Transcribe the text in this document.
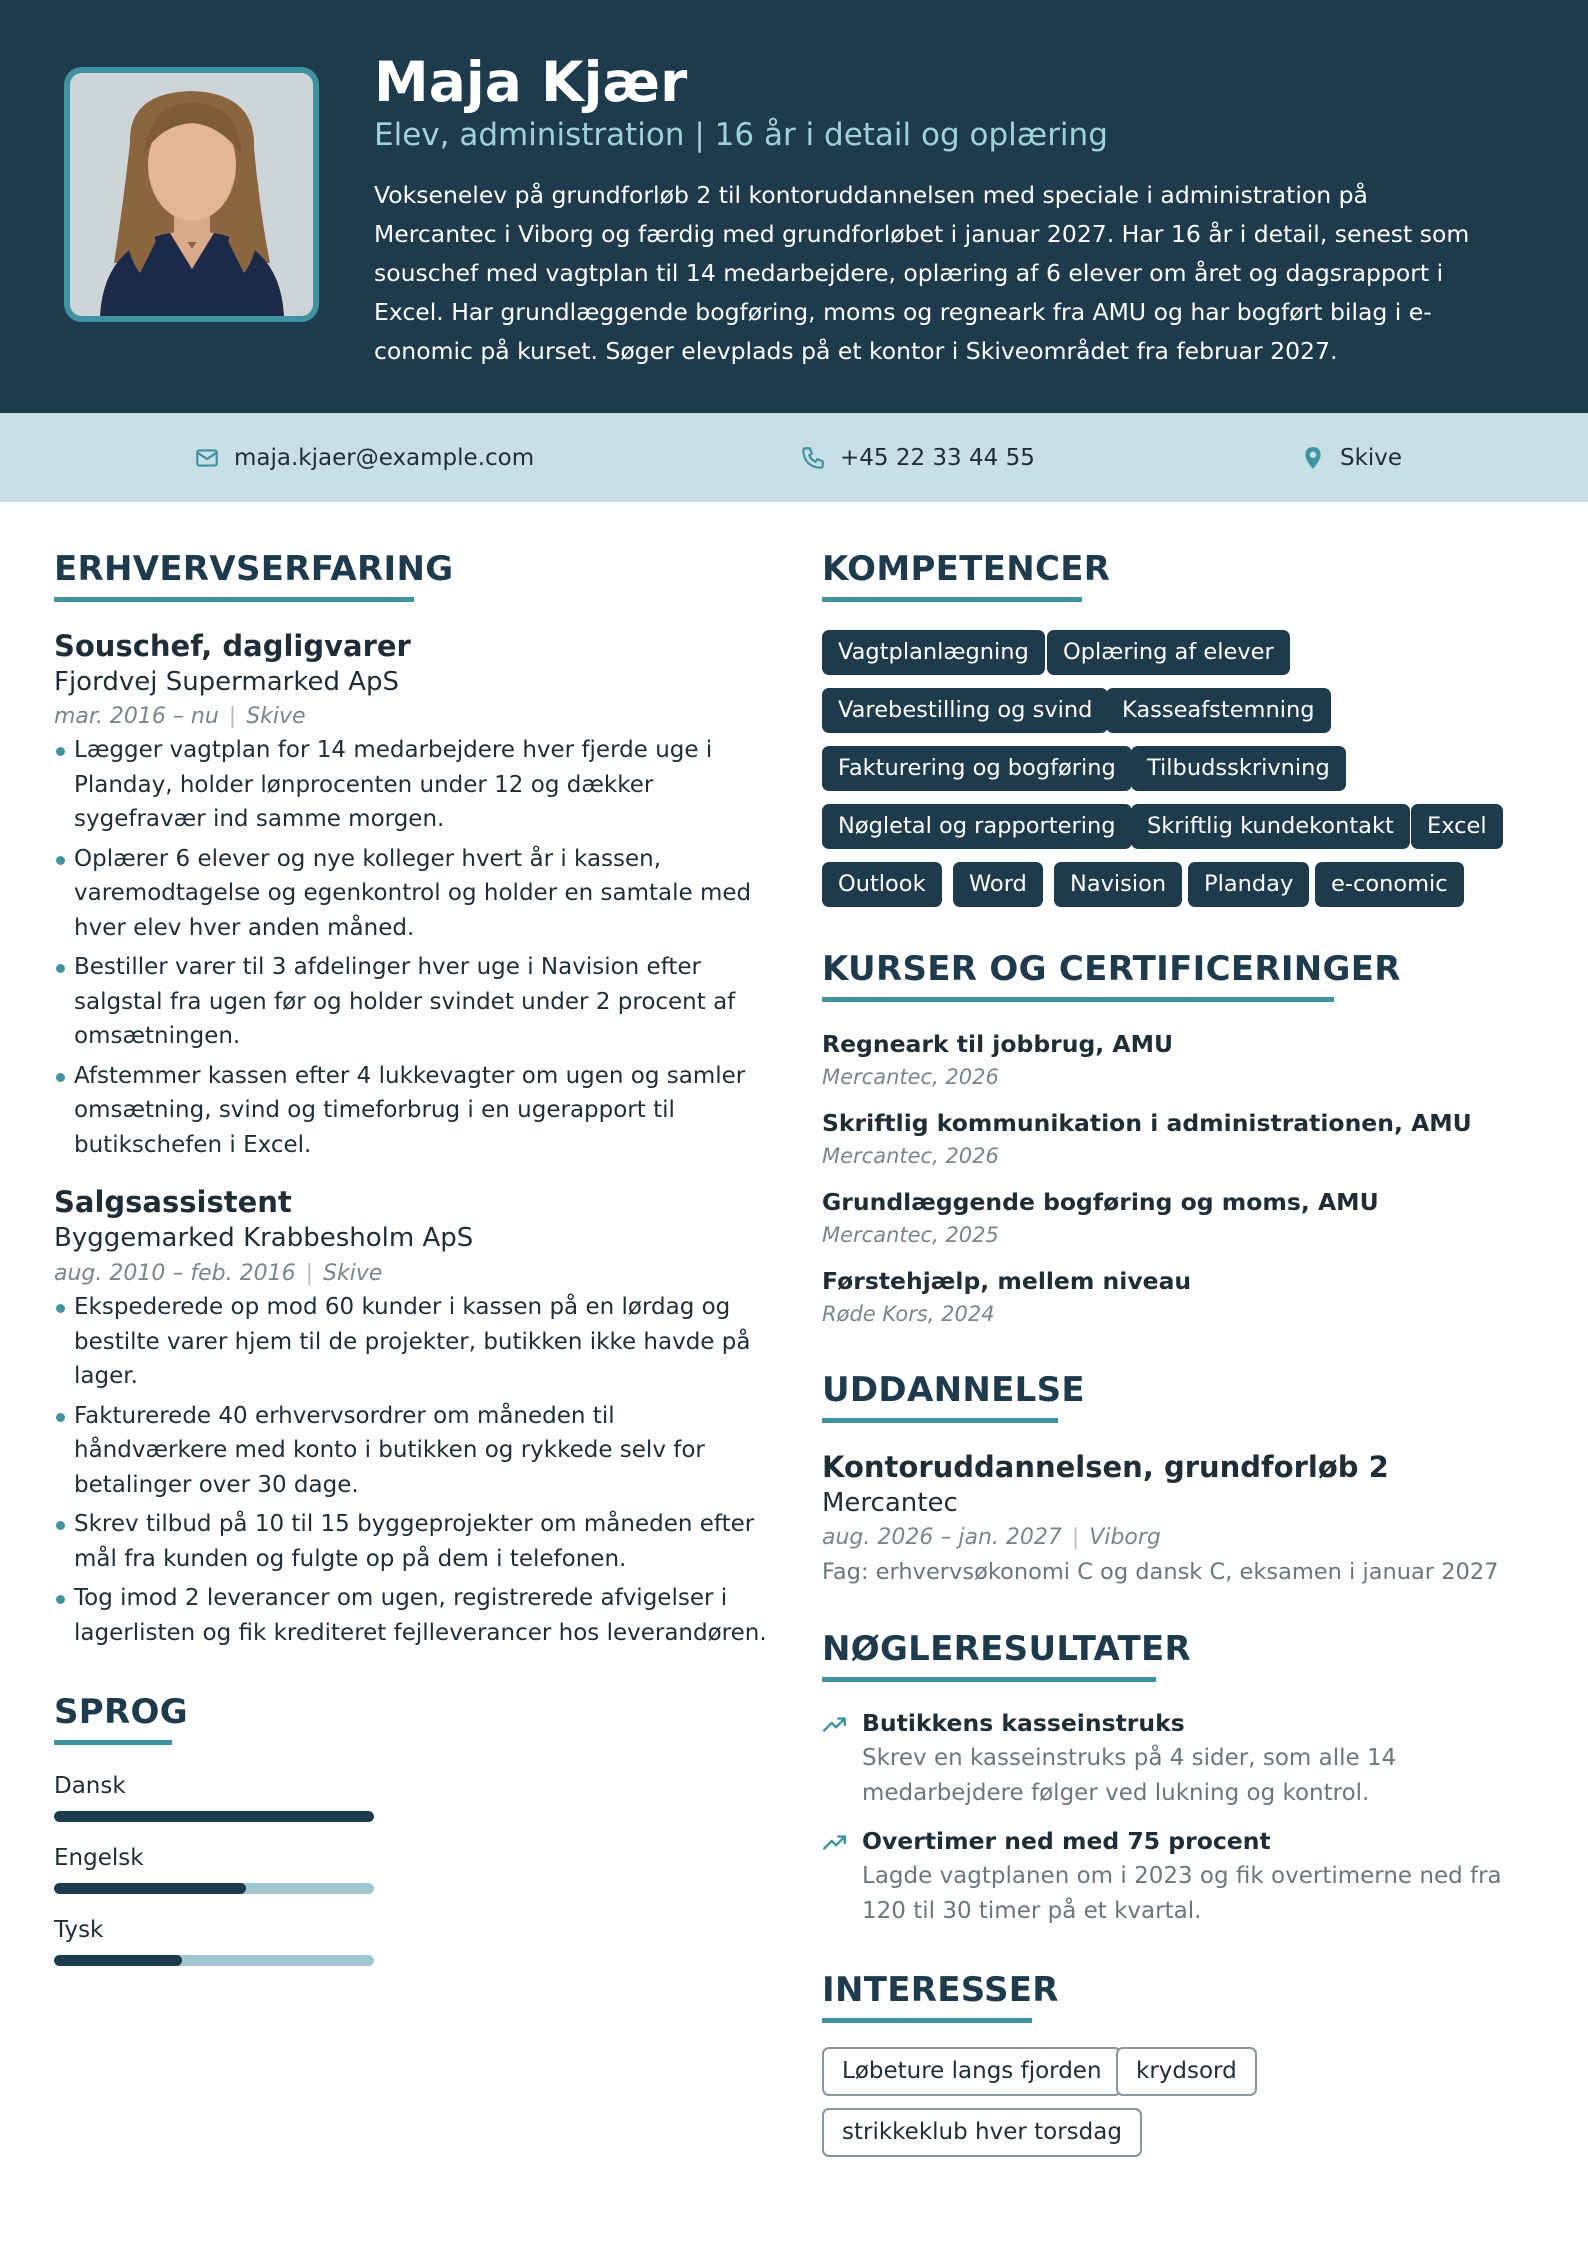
Maja Kjær
Elev, administration | 16 år i detail og oplæring
Voksenelev på grundforløb 2 til kontoruddannelsen med speciale i administration på Mercantec i Viborg og færdig med grundforløbet i januar 2027. Har 16 år i detail, senest som souschef med vagtplan til 14 medarbejdere, oplæring af 6 elever om året og dagsrapport i Excel. Har grundlæggende bogføring, moms og regneark fra AMU og har bogført bilag i e-conomic på kurset. Søger elevplads på et kontor i Skiveområdet fra februar 2027.
maja.kjaer@example.com	+45 22 33 44 55	Skive
ERHVERVSERFARING
Souschef, dagligvarer
Fjordvej Supermarked ApS
mar. 2016 – nu | Skive
Lægger vagtplan for 14 medarbejdere hver fjerde uge i Planday, holder lønprocenten under 12 og dækker sygefravær ind samme morgen.
Oplærer 6 elever og nye kolleger hvert år i kassen, varemodtagelse og egenkontrol og holder en samtale med hver elev hver anden måned.
Bestiller varer til 3 afdelinger hver uge i Navision efter salgstal fra ugen før og holder svindet under 2 procent af omsætningen.
Afstemmer kassen efter 4 lukkevagter om ugen og samler omsætning, svind og timeforbrug i en ugerapport til butikschefen i Excel.
Salgsassistent
Byggemarked Krabbesholm ApS
aug. 2010 – feb. 2016 | Skive
Ekspederede op mod 60 kunder i kassen på en lørdag og bestilte varer hjem til de projekter, butikken ikke havde på lager.
Fakturerede 40 erhvervsordrer om måneden til håndværkere med konto i butikken og rykkede selv for betalinger over 30 dage.
Skrev tilbud på 10 til 15 byggeprojekter om måneden efter mål fra kunden og fulgte op på dem i telefonen.
Tog imod 2 leverancer om ugen, registrerede afvigelser i lagerlisten og fik krediteret fejlleverancer hos leverandøren.
SPROG
Dansk
Engelsk
Tysk
KOMPETENCER
Vagtplanlægning	Oplæring af elever
Varebestilling og svind	Kasseafstemning
Fakturering og bogføring	Tilbudsskrivning
Nøgletal og rapportering	Skriftlig kundekontakt	Excel
Outlook	Word	Navision	Planday	e-conomic
KURSER OG CERTIFICERINGER
Regneark til jobbrug, AMU
Mercantec, 2026
Skriftlig kommunikation i administrationen, AMU
Mercantec, 2026
Grundlæggende bogføring og moms, AMU
Mercantec, 2025
Førstehjælp, mellem niveau
Røde Kors, 2024
UDDANNELSE
Kontoruddannelsen, grundforløb 2
Mercantec
aug. 2026 – jan. 2027 | Viborg
Fag: erhvervsøkonomi C og dansk C, eksamen i januar 2027
NØGLERESULTATER
Butikkens kasseinstruks
Skrev en kasseinstruks på 4 sider, som alle 14 medarbejdere følger ved lukning og kontrol.
Overtimer ned med 75 procent
Lagde vagtplanen om i 2023 og fik overtimerne ned fra 120 til 30 timer på et kvartal.
INTERESSER
Løbeture langs fjorden	krydsord
strikkeklub hver torsdag
